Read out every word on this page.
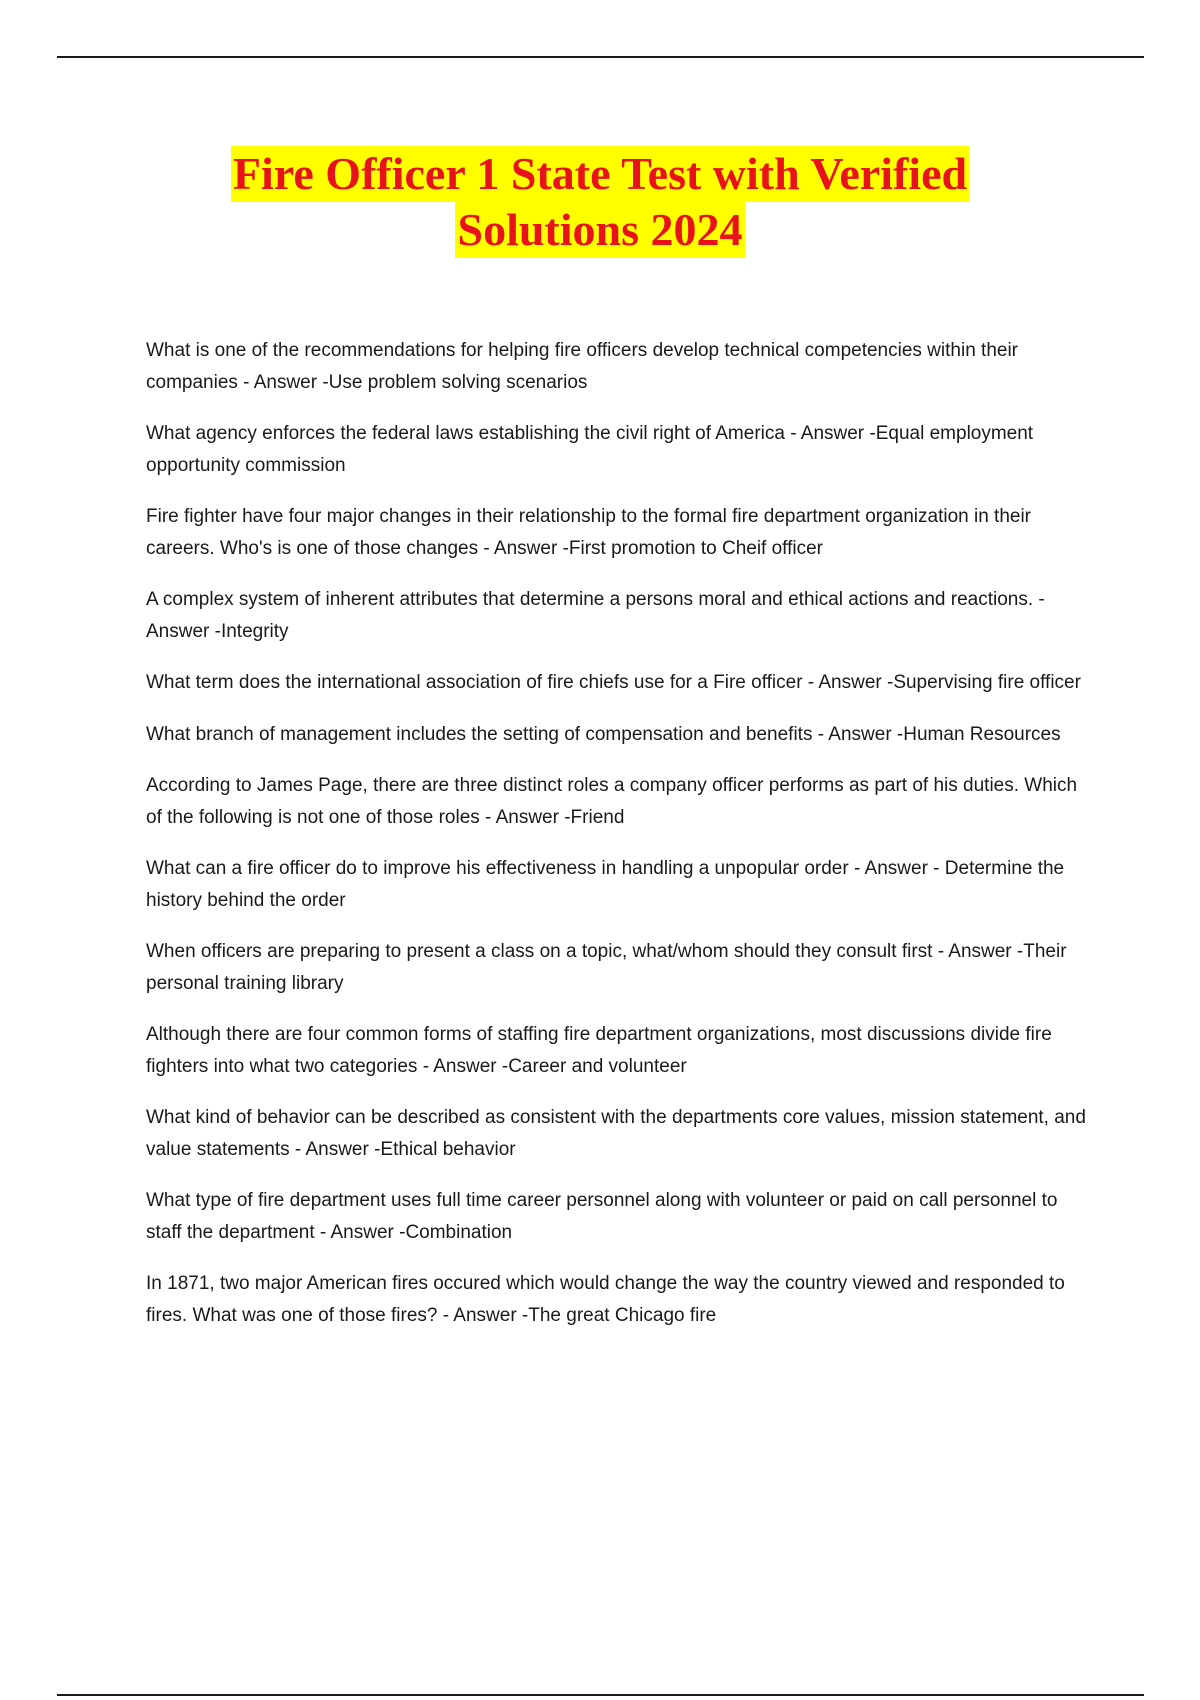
Fire Officer 1 State Test with Verified
Solutions 2024

What is one of the recommendations for helping fire officers develop technical competencies within their companies - Answer -Use problem solving scenarios

What agency enforces the federal laws establishing the civil right of America - Answer -Equal employment opportunity commission

Fire fighter have four major changes in their relationship to the formal fire department organization in their careers. Who's is one of those changes - Answer -First promotion to Cheif officer

A complex system of inherent attributes that determine a persons moral and ethical actions and reactions. - Answer -Integrity

What term does the international association of fire chiefs use for a Fire officer - Answer -Supervising fire officer

What branch of management includes the setting of compensation and benefits - Answer -Human Resources

According to James Page, there are three distinct roles a company officer performs as part of his duties. Which of the following is not one of those roles - Answer -Friend

What can a fire officer do to improve his effectiveness in handling a unpopular order - Answer - Determine the history behind the order

When officers are preparing to present a class on a topic, what/whom should they consult first - Answer -Their personal training library

Although there are four common forms of staffing fire department organizations, most discussions divide fire fighters into what two categories - Answer -Career and volunteer

What kind of behavior can be described as consistent with the departments core values, mission statement, and value statements - Answer -Ethical behavior

What type of fire department uses full time career personnel along with volunteer or paid on call personnel to staff the department - Answer -Combination

In 1871, two major American fires occured which would change the way the country viewed and responded to fires. What was one of those fires? - Answer -The great Chicago fire
